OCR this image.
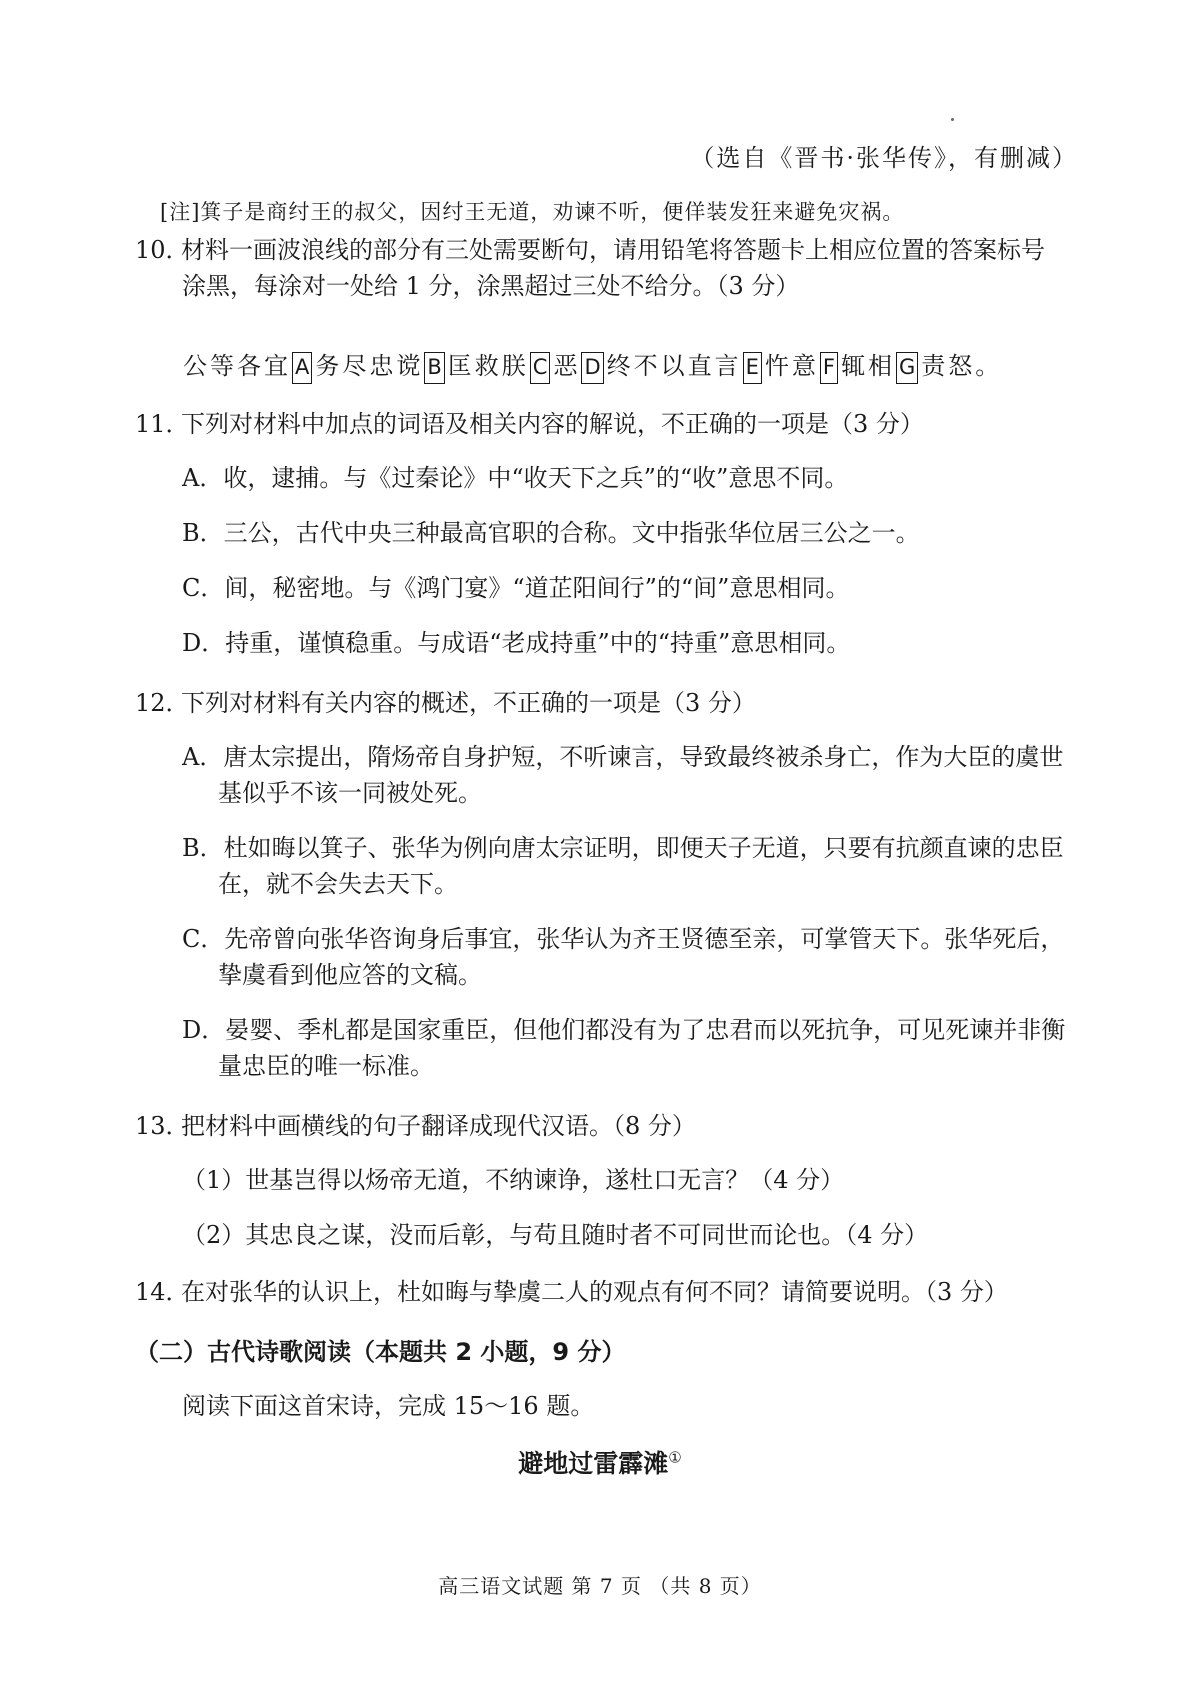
（选自《晋书·张华传》，有删减）
[注]箕子是商纣王的叔父，因纣王无道，劝谏不听，便佯装发狂来避免灾祸。
10．材料一画波浪线的部分有三处需要断句，请用铅笔将答题卡上相应位置的答案标号
涂黑，每涂对一处给 1 分，涂黑超过三处不给分。（3 分）
公等各宜 A 务尽忠谠 B 匡救朕 C 恶 D 终不以直言 E 忤意 F 辄相 G 责怒。
11．下列对材料中加点的词语及相关内容的解说，不正确的一项是（3 分）
A．收，逮捕。与《过秦论》中“收天下之兵”的“收”意思不同。
B．三公，古代中央三种最高官职的合称。文中指张华位居三公之一。
C．间，秘密地。与《鸿门宴》“道芷阳间行”的“间”意思相同。
D．持重，谨慎稳重。与成语“老成持重”中的“持重”意思相同。
12．下列对材料有关内容的概述，不正确的一项是（3 分）
A．唐太宗提出，隋炀帝自身护短，不听谏言，导致最终被杀身亡，作为大臣的虞世
基似乎不该一同被处死。
B．杜如晦以箕子、张华为例向唐太宗证明，即便天子无道，只要有抗颜直谏的忠臣
在，就不会失去天下。
C．先帝曾向张华咨询身后事宜，张华认为齐王贤德至亲，可掌管天下。张华死后，
挚虞看到他应答的文稿。
D．晏婴、季札都是国家重臣，但他们都没有为了忠君而以死抗争，可见死谏并非衡
量忠臣的唯一标准。
13．把材料中画横线的句子翻译成现代汉语。（8 分）
（1）世基岂得以炀帝无道，不纳谏诤，遂杜口无言？（4 分）
（2）其忠良之谋，没而后彰，与苟且随时者不可同世而论也。（4 分）
14．在对张华的认识上，杜如晦与挚虞二人的观点有何不同？请简要说明。（3 分）
（二）古代诗歌阅读（本题共 2 小题，9 分）
阅读下面这首宋诗，完成 15～16 题。
避地过雷霹滩①
高三语文试题 第 7 页 （共 8 页）
